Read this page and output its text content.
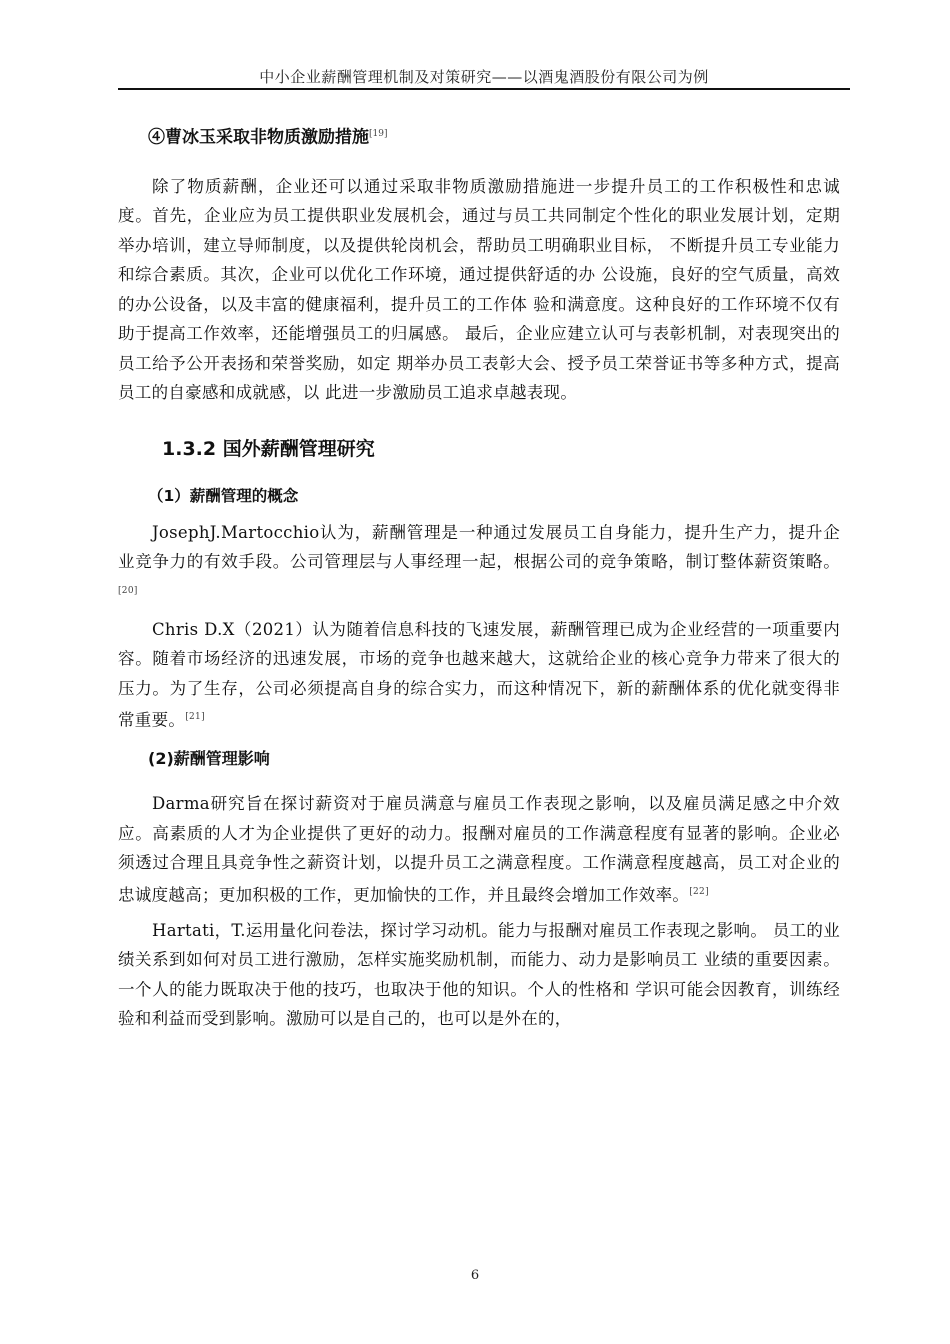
中小企业薪酬管理机制及对策研究——以酒鬼酒股份有限公司为例
④曹冰玉采取非物质激励措施[19]

除了物质薪酬，企业还可以通过采取非物质激励措施进一步提升员工的工作积极性和忠诚度。首先，企业应为员工提供职业发展机会，通过与员工共同制定个性化的职业发展计划，定期举办培训，建立导师制度，以及提供轮岗机会，帮助员工明确职业目标， 不断提升员工专业能力和综合素质。其次，企业可以优化工作环境，通过提供舒适的办 公设施，良好的空气质量，高效的办公设备，以及丰富的健康福利，提升员工的工作体 验和满意度。这种良好的工作环境不仅有助于提高工作效率，还能增强员工的归属感。 最后，企业应建立认可与表彰机制，对表现突出的员工给予公开表扬和荣誉奖励，如定 期举办员工表彰大会、授予员工荣誉证书等多种方式，提高员工的自豪感和成就感，以 此进一步激励员工追求卓越表现。

1.3.2 国外薪酬管理研究
（1）薪酬管理的概念

JosephJ.Martocchio认为，薪酬管理是一种通过发展员工自身能力，提升生产力，提升企业竞争力的有效手段。公司管理层与人事经理一起，根据公司的竞争策略，制订整体薪资策略。[20]

Chris D.X（2021）认为随着信息科技的飞速发展，薪酬管理已成为企业经营的一项重要内容。随着市场经济的迅速发展，市场的竞争也越来越大，这就给企业的核心竞争力带来了很大的压力。为了生存，公司必须提高自身的综合实力，而这种情况下，新的薪酬体系的优化就变得非常重要。[21]

(2)薪酬管理影响

Darma研究旨在探讨薪资对于雇员满意与雇员工作表现之影响，以及雇员满足感之中介效应。高素质的人才为企业提供了更好的动力。报酬对雇员的工作满意程度有显著的影响。企业必须透过合理且具竞争性之薪资计划，以提升员工之满意程度。工作满意程度越高，员工对企业的忠诚度越高；更加积极的工作，更加愉快的工作，并且最终会增加工作效率。[22]

Hartati，T.运用量化问卷法，探讨学习动机。能力与报酬对雇员工作表现之影响。 员工的业绩关系到如何对员工进行激励，怎样实施奖励机制，而能力、动力是影响员工 业绩的重要因素。一个人的能力既取决于他的技巧，也取决于他的知识。个人的性格和 学识可能会因教育，训练经验和利益而受到影响。激励可以是自己的，也可以是外在的，

6
